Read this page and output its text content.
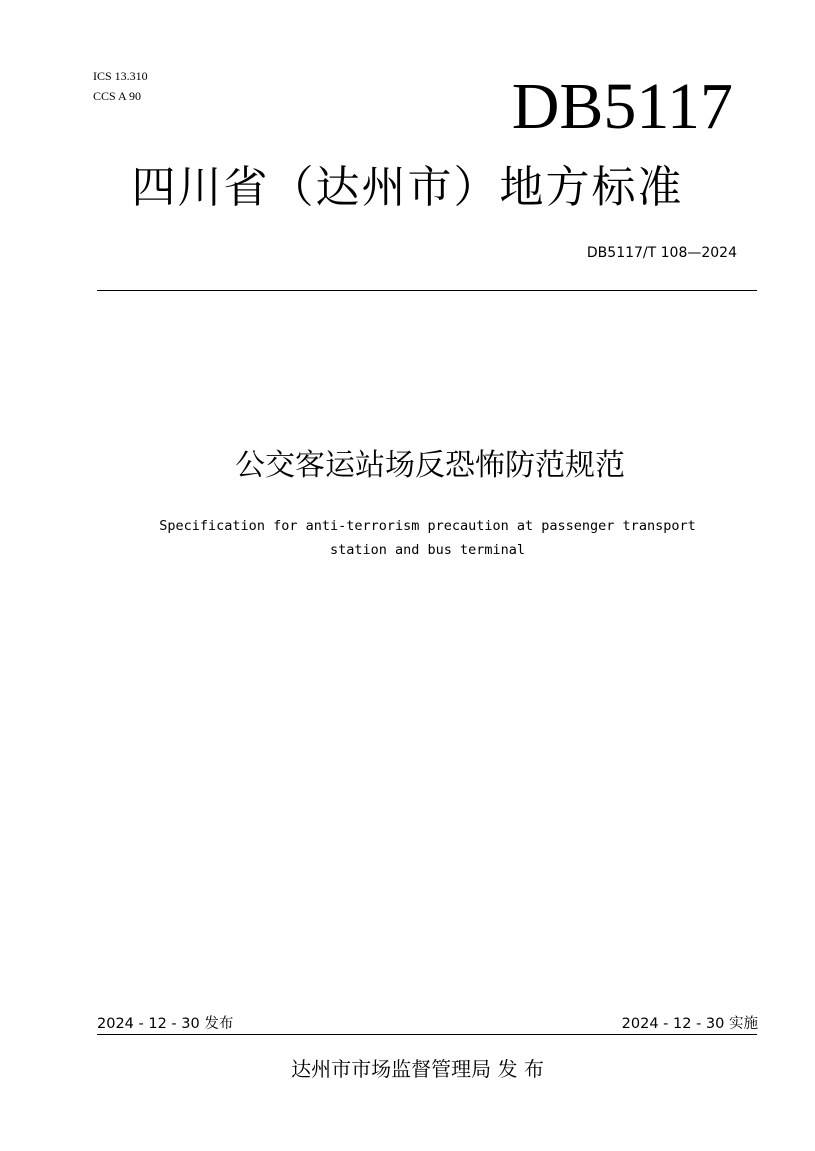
ICS 13.310
CCS A 90	DB5117
四川省（达州市）地方标准
DB5117/T 108—2024
公交客运站场反恐怖防范规范
Specification for anti-terrorism precaution at passenger transport
station and bus terminal
2024 - 12 - 30 发布	2024 - 12 - 30 实施
达州市市场监督管理局 发 布
